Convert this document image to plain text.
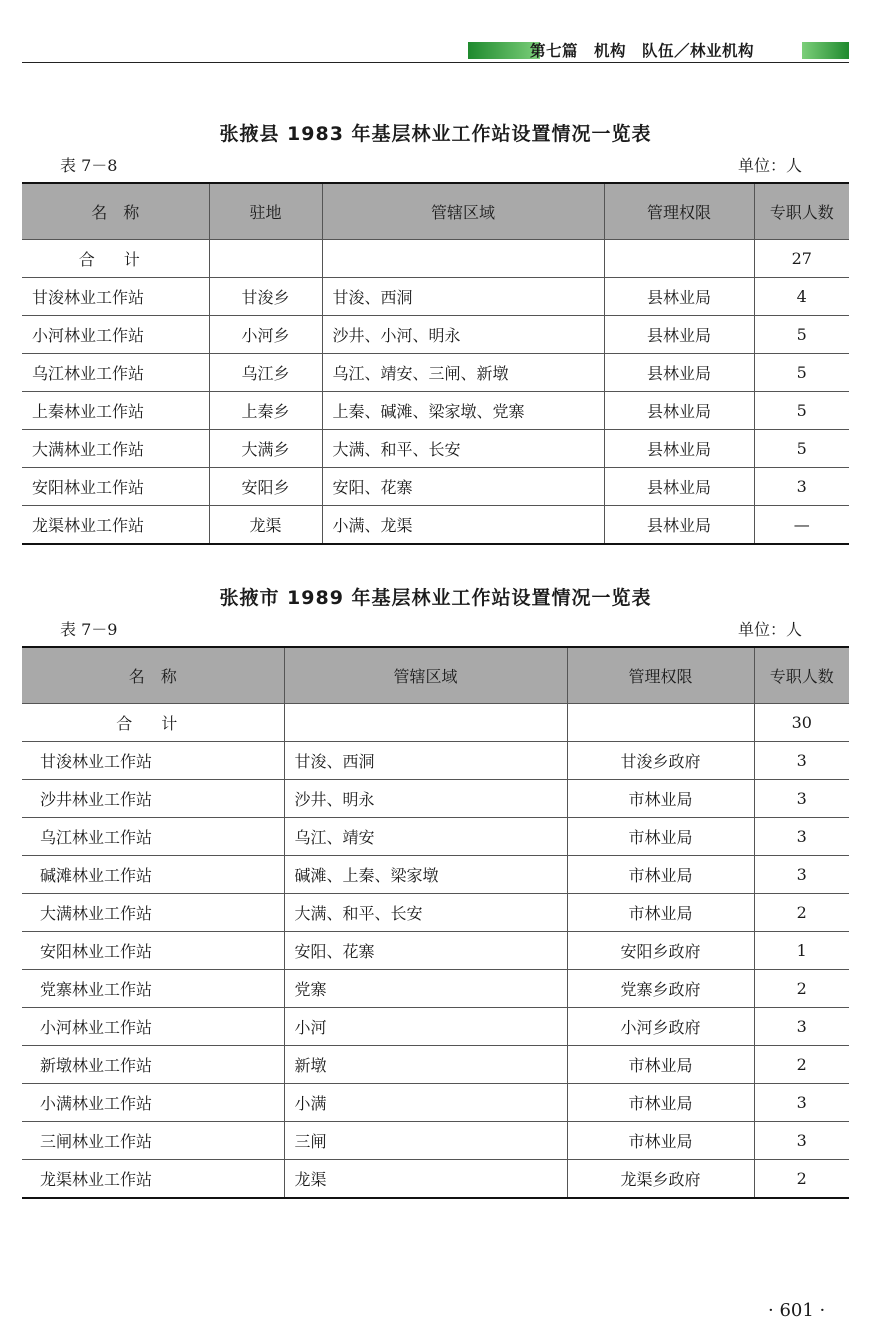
第七篇　机构　队伍／林业机构
张掖县 1983 年基层林业工作站设置情况一览表
表 7－8	单位：人
名　称	驻地	管辖区域	管理权限	专职人数
合 计				27
甘浚林业工作站	甘浚乡	甘浚、西洞	县林业局	4
小河林业工作站	小河乡	沙井、小河、明永	县林业局	5
乌江林业工作站	乌江乡	乌江、靖安、三闸、新墩	县林业局	5
上秦林业工作站	上秦乡	上秦、碱滩、梁家墩、党寨	县林业局	5
大满林业工作站	大满乡	大满、和平、长安	县林业局	5
安阳林业工作站	安阳乡	安阳、花寨	县林业局	3
龙渠林业工作站	龙渠	小满、龙渠	县林业局	—
张掖市 1989 年基层林业工作站设置情况一览表
表 7－9	单位：人
名　称	管辖区域	管理权限	专职人数
合 计			30
甘浚林业工作站	甘浚、西洞	甘浚乡政府	3
沙井林业工作站	沙井、明永	市林业局	3
乌江林业工作站	乌江、靖安	市林业局	3
碱滩林业工作站	碱滩、上秦、梁家墩	市林业局	3
大满林业工作站	大满、和平、长安	市林业局	2
安阳林业工作站	安阳、花寨	安阳乡政府	1
党寨林业工作站	党寨	党寨乡政府	2
小河林业工作站	小河	小河乡政府	3
新墩林业工作站	新墩	市林业局	2
小满林业工作站	小满	市林业局	3
三闸林业工作站	三闸	市林业局	3
龙渠林业工作站	龙渠	龙渠乡政府	2
· 601 ·
